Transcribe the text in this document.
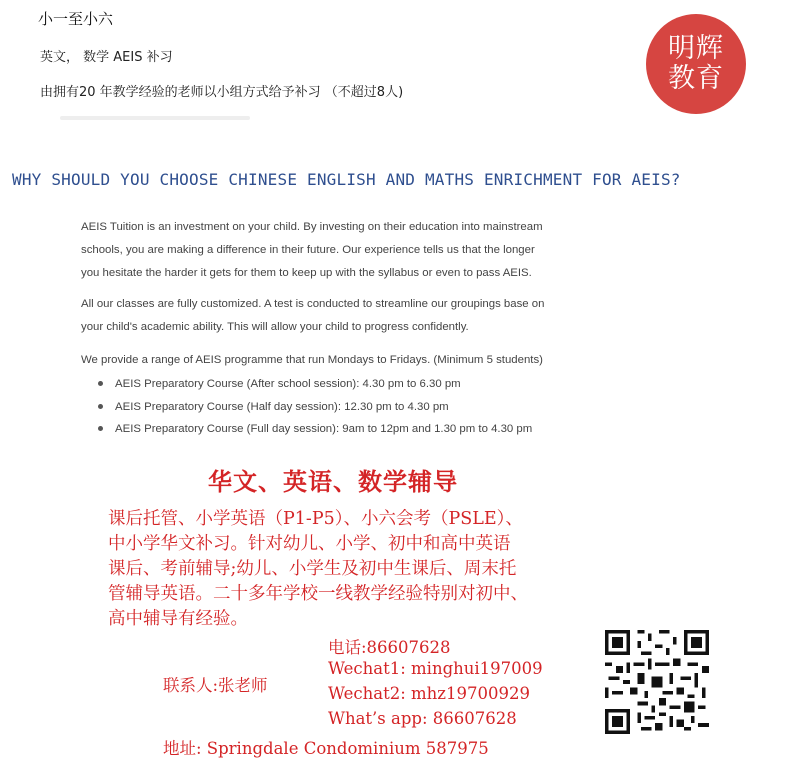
小一至小六
英文， 数学 AEIS 补习
由拥有20 年教学经验的老师以小组方式给予补习 （不超过8人)
明辉
教育
WHY SHOULD YOU CHOOSE CHINESE ENGLISH AND MATHS ENRICHMENT FOR AEIS?

AEIS Tuition is an investment on your child. By investing on their education into mainstream

schools, you are making a difference in their future. Our experience tells us that the longer

you hesitate the harder it gets for them to keep up with the syllabus or even to pass AEIS.

All our classes are fully customized. A test is conducted to streamline our groupings base on

your child's academic ability. This will allow your child to progress confidently.

We provide a range of AEIS programme that run Mondays to Fridays. (Minimum 5 students)

AEIS Preparatory Course (After school session): 4.30 pm to 6.30 pm
AEIS Preparatory Course (Half day session): 12.30 pm to 4.30 pm
AEIS Preparatory Course (Full day session): 9am to 12pm and 1.30 pm to 4.30 pm
华文、英语、数学辅导
课后托管、小学英语（P1-P5）、小六会考（PSLE）、
中小学华文补习。针对幼儿、小学、初中和高中英语
课后、考前辅导;幼儿、小学生及初中生课后、周末托
管辅导英语。二十多年学校一线教学经验特别对初中、
高中辅导有经验。
联系人:张老师
电话:86607628
Wechat1: minghui197009
Wechat2: mhz19700929
What’s app: 86607628
地址: Springdale Condominium 587975
